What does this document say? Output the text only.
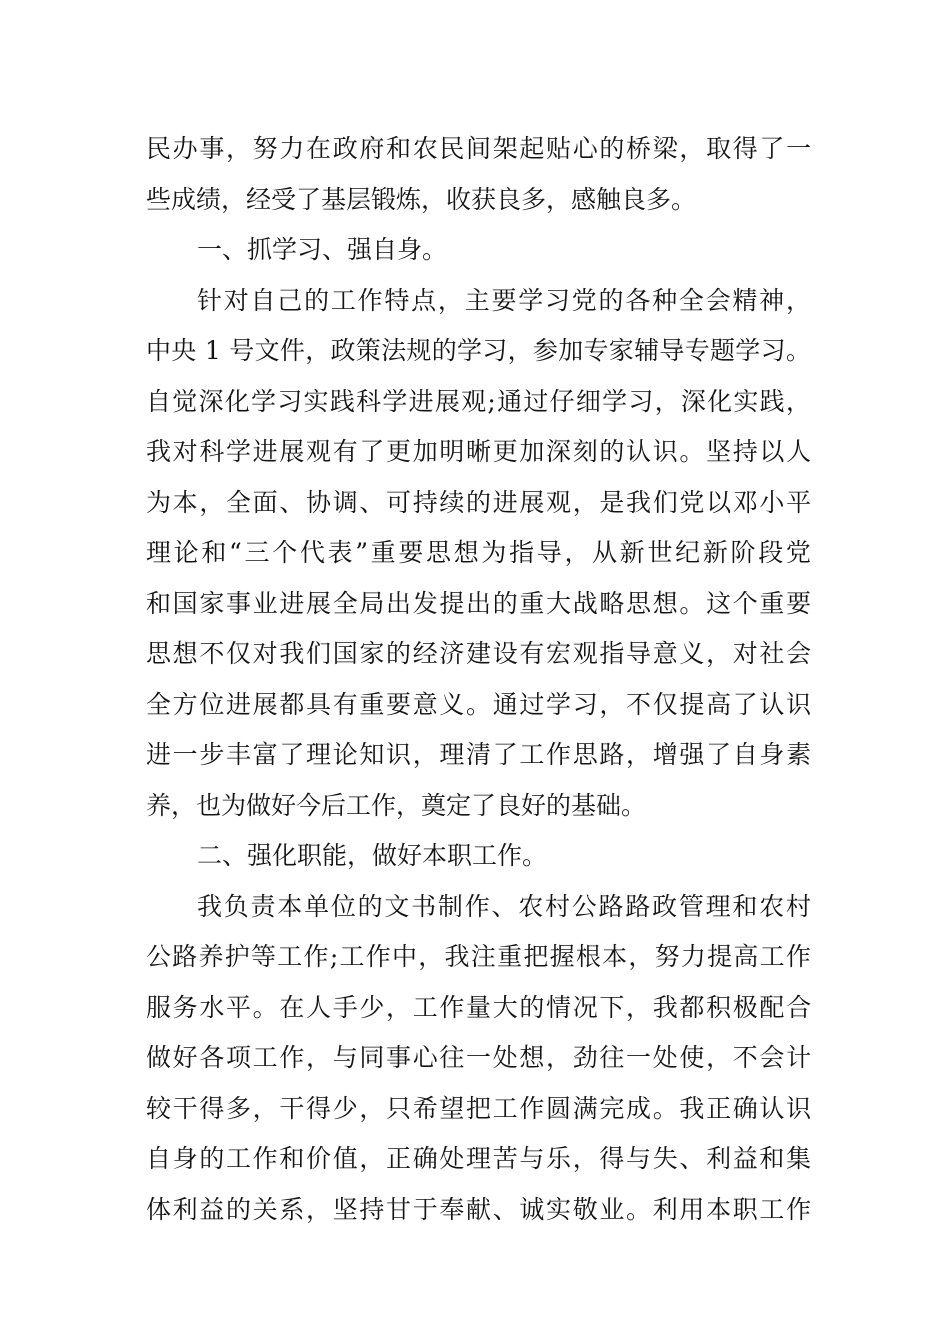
民办事，努力在政府和农民间架起贴心的桥梁，取得了一
些成绩，经受了基层锻炼，收获良多，感触良多。
一、抓学习、强自身。
针对自己的工作特点，主要学习党的各种全会精神，
中央 1 号文件，政策法规的学习，参加专家辅导专题学习。
自觉深化学习实践科学进展观;通过仔细学习，深化实践，
我对科学进展观有了更加明晰更加深刻的认识。坚持以人
为本，全面、协调、可持续的进展观，是我们党以邓小平
理论和“三个代表”重要思想为指导，从新世纪新阶段党
和国家事业进展全局出发提出的重大战略思想。这个重要
思想不仅对我们国家的经济建设有宏观指导意义，对社会
全方位进展都具有重要意义。通过学习，不仅提高了认识
进一步丰富了理论知识，理清了工作思路，增强了自身素
养，也为做好今后工作，奠定了良好的基础。
二、强化职能，做好本职工作。
我负责本单位的文书制作、农村公路路政管理和农村
公路养护等工作;工作中，我注重把握根本，努力提高工作
服务水平。在人手少，工作量大的情况下，我都积极配合
做好各项工作，与同事心往一处想，劲往一处使，不会计
较干得多，干得少，只希望把工作圆满完成。我正确认识
自身的工作和价值，正确处理苦与乐，得与失、利益和集
体利益的关系，坚持甘于奉献、诚实敬业。利用本职工作
